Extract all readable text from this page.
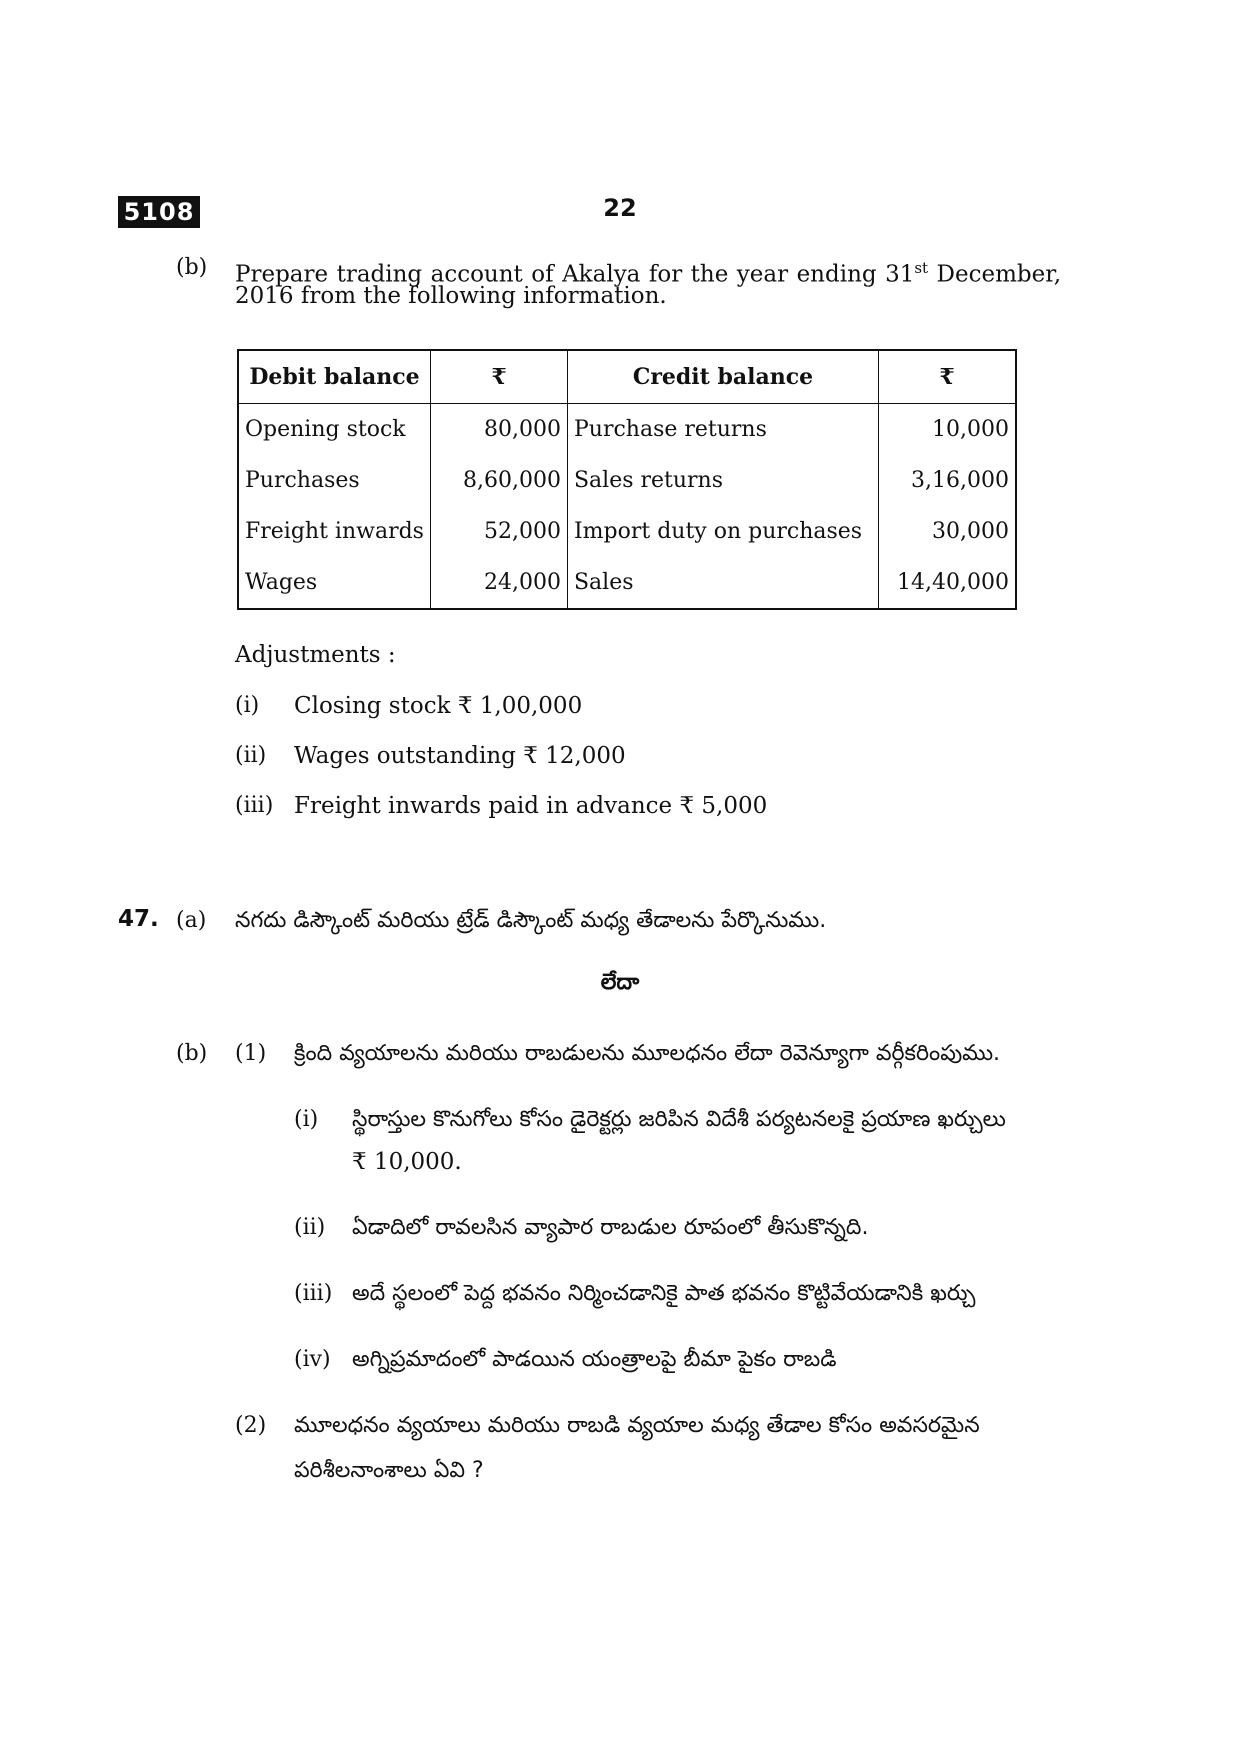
5108	22
(b) Prepare trading account of Akalya for the year ending 31st December,
2016 from the following information.
Debit balance	₹	Credit balance	₹
Opening stock	80,000	Purchase returns	10,000
Purchases	8,60,000	Sales returns	3,16,000
Freight inwards	52,000	Import duty on purchases	30,000
Wages	24,000	Sales	14,40,000
Adjustments :
(i) Closing stock ₹ 1,00,000
(ii) Wages outstanding ₹ 12,000
(iii) Freight inwards paid in advance ₹ 5,000
47. (a) నగదు డిస్కౌంట్ మరియు ట్రేడ్ డిస్కౌంట్ మధ్య తేడాలను పేర్కొనుము.
లేదా
(b) (1) క్రింది వ్యయాలను మరియు రాబడులను మూలధనం లేదా రెవెన్యూగా వర్గీకరింపుము.
(i) స్థిరాస్తుల కొనుగోలు కోసం డైరెక్టర్లు జరిపిన విదేశీ పర్యటనలకై ప్రయాణ ఖర్చులు
₹ 10,000.
(ii) ఏడాదిలో రావలసిన వ్యాపార రాబడుల రూపంలో తీసుకొన్నది.
(iii) అదే స్థలంలో పెద్ద భవనం నిర్మించడానికై పాత భవనం కొట్టివేయడానికి ఖర్చు
(iv) అగ్నిప్రమాదంలో పాడయిన యంత్రాలపై బీమా పైకం రాబడి
(2) మూలధనం వ్యయాలు మరియు రాబడి వ్యయాల మధ్య తేడాల కోసం అవసరమైన
పరిశీలనాంశాలు ఏవి ?
